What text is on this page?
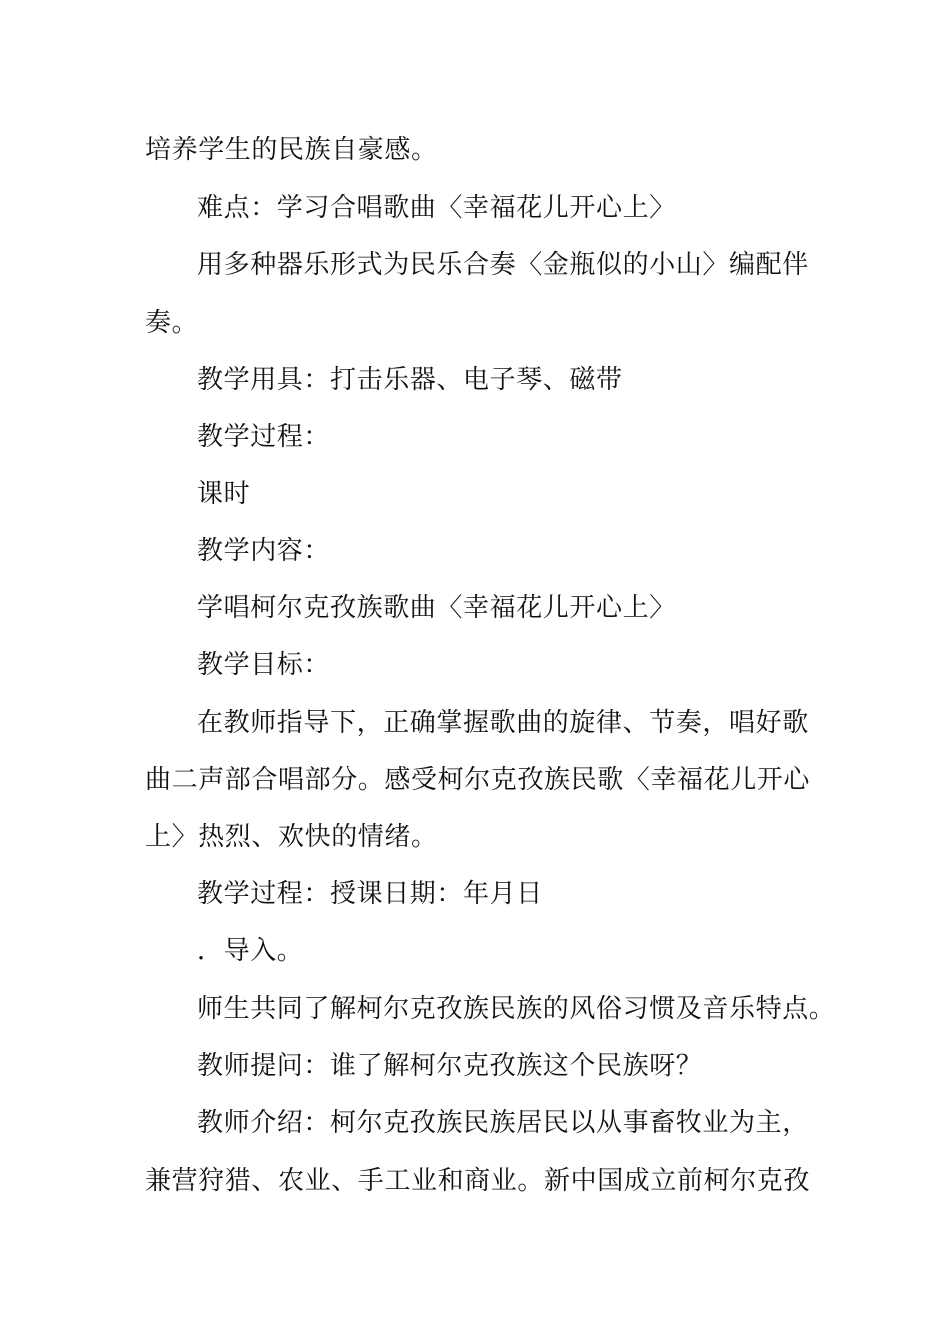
培养学生的民族自豪感。
难点：学习合唱歌曲〈幸福花儿开心上〉
用多种器乐形式为民乐合奏〈金瓶似的小山〉编配伴
奏。
教学用具：打击乐器、电子琴、磁带
教学过程：
课时
教学内容：
学唱柯尔克孜族歌曲〈幸福花儿开心上〉
教学目标：
在教师指导下，正确掌握歌曲的旋律、节奏，唱好歌
曲二声部合唱部分。感受柯尔克孜族民歌〈幸福花儿开心
上〉热烈、欢快的情绪。
教学过程：授课日期：年月日
．导入。
师生共同了解柯尔克孜族民族的风俗习惯及音乐特点。
教师提问：谁了解柯尔克孜族这个民族呀？
教师介绍：柯尔克孜族民族居民以从事畜牧业为主，
兼营狩猎、农业、手工业和商业。新中国成立前柯尔克孜
